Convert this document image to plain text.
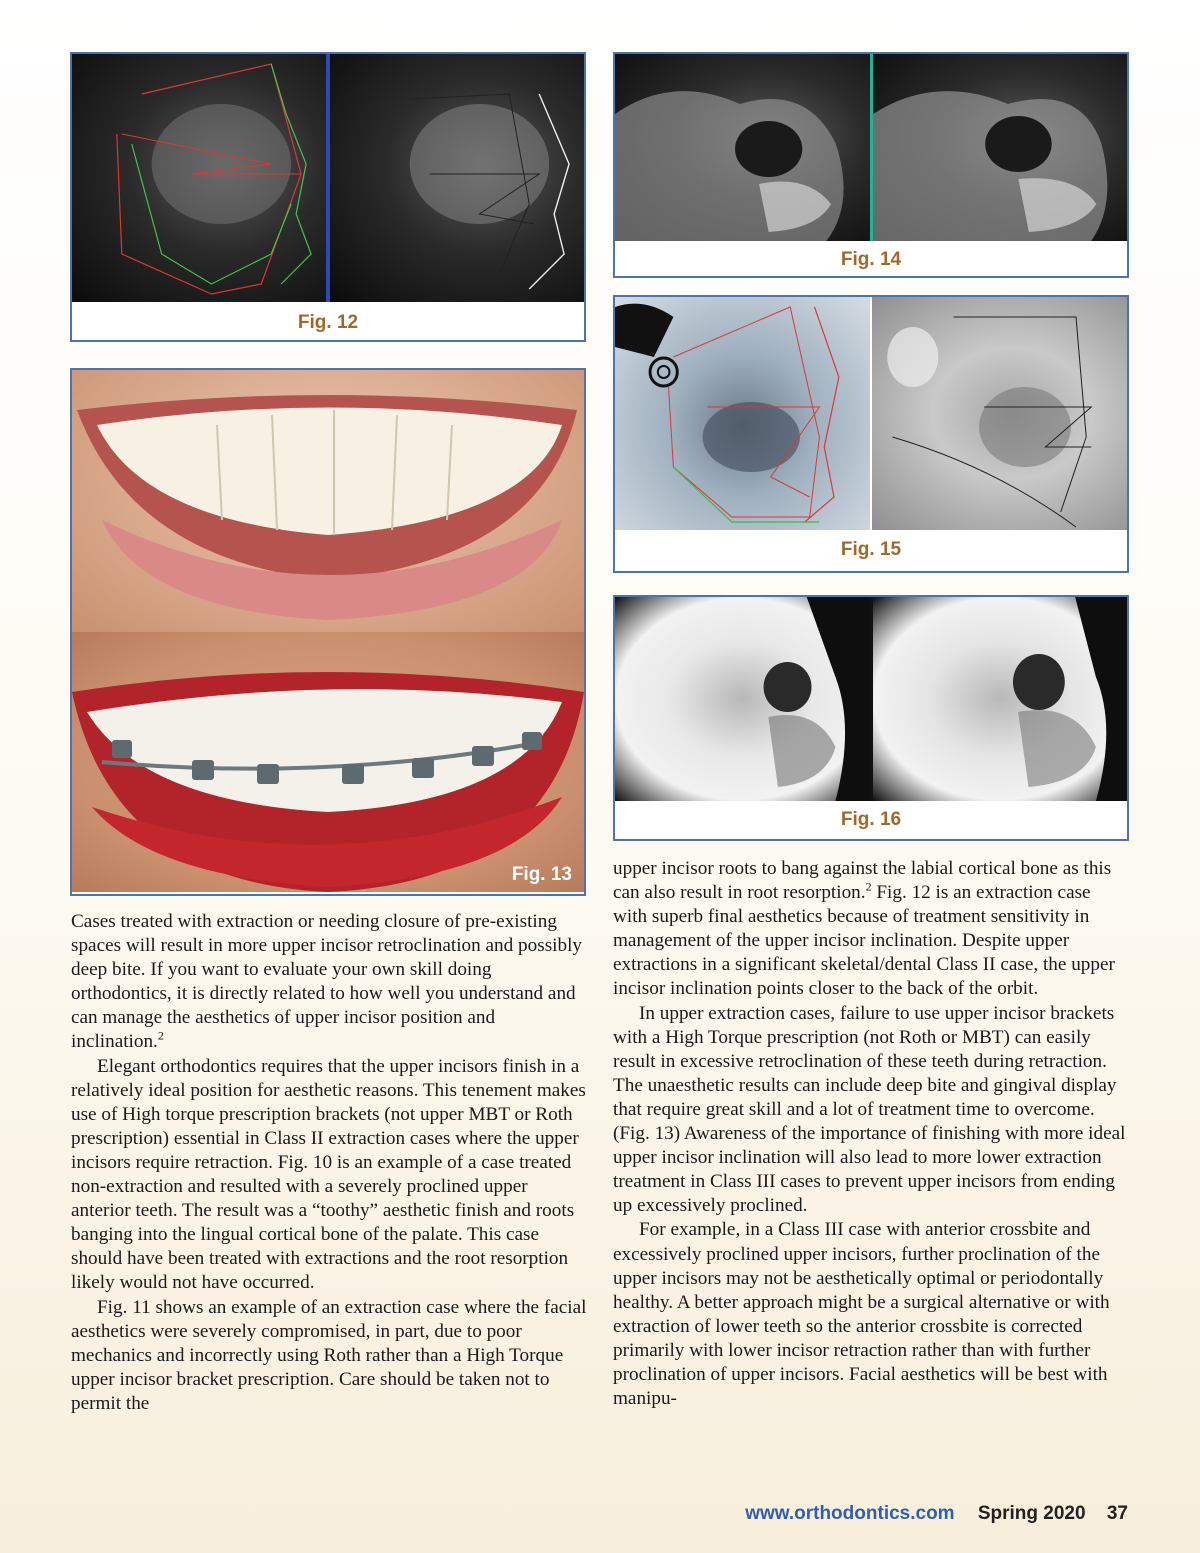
Fig. 12
Fig. 13
Fig. 14
Fig. 15
Fig. 16

Cases treated with extraction or needing closure of pre-existing spaces will result in more upper incisor retroclination and possibly deep bite. If you want to evaluate your own skill doing orthodontics, it is directly related to how well you understand and can manage the aesthetics of upper incisor position and inclination.$^2$

Elegant orthodontics requires that the upper incisors finish in a relatively ideal position for aesthetic reasons. This tenement makes use of High torque prescription brackets (not upper MBT or Roth prescription) essential in Class II extraction cases where the upper incisors require retraction. Fig. 10 is an example of a case treated non-extraction and resulted with a severely proclined upper anterior teeth. The result was a “toothy” aesthetic finish and roots banging into the lingual cortical bone of the palate. This case should have been treated with extractions and the root resorption likely would not have occurred.

Fig. 11 shows an example of an extraction case where the facial aesthetics were severely compromised, in part, due to poor mechanics and incorrectly using Roth rather than a High Torque upper incisor bracket prescription. Care should be taken not to permit the

upper incisor roots to bang against the labial cortical bone as this can also result in root resorption.$^2$ Fig. 12 is an extraction case with superb final aesthetics because of treatment sensitivity in management of the upper incisor inclination. Despite upper extractions in a significant skeletal/dental Class II case, the upper incisor inclination points closer to the back of the orbit.

In upper extraction cases, failure to use upper incisor brackets with a High Torque prescription (not Roth or MBT) can easily result in excessive retroclination of these teeth during retraction. The unaesthetic results can include deep bite and gingival display that require great skill and a lot of treatment time to overcome. (Fig. 13) Awareness of the importance of finishing with more ideal upper incisor inclination will also lead to more lower extraction treatment in Class III cases to prevent upper incisors from ending up excessively proclined.

For example, in a Class III case with anterior crossbite and excessively proclined upper incisors, further proclination of the upper incisors may not be aesthetically optimal or periodontally healthy. A better approach might be a surgical alternative or with extraction of lower teeth so the anterior crossbite is corrected primarily with lower incisor retraction rather than with further proclination of upper incisors. Facial aesthetics will be best with manipu-

www.orthodontics.com Spring 2020 37
